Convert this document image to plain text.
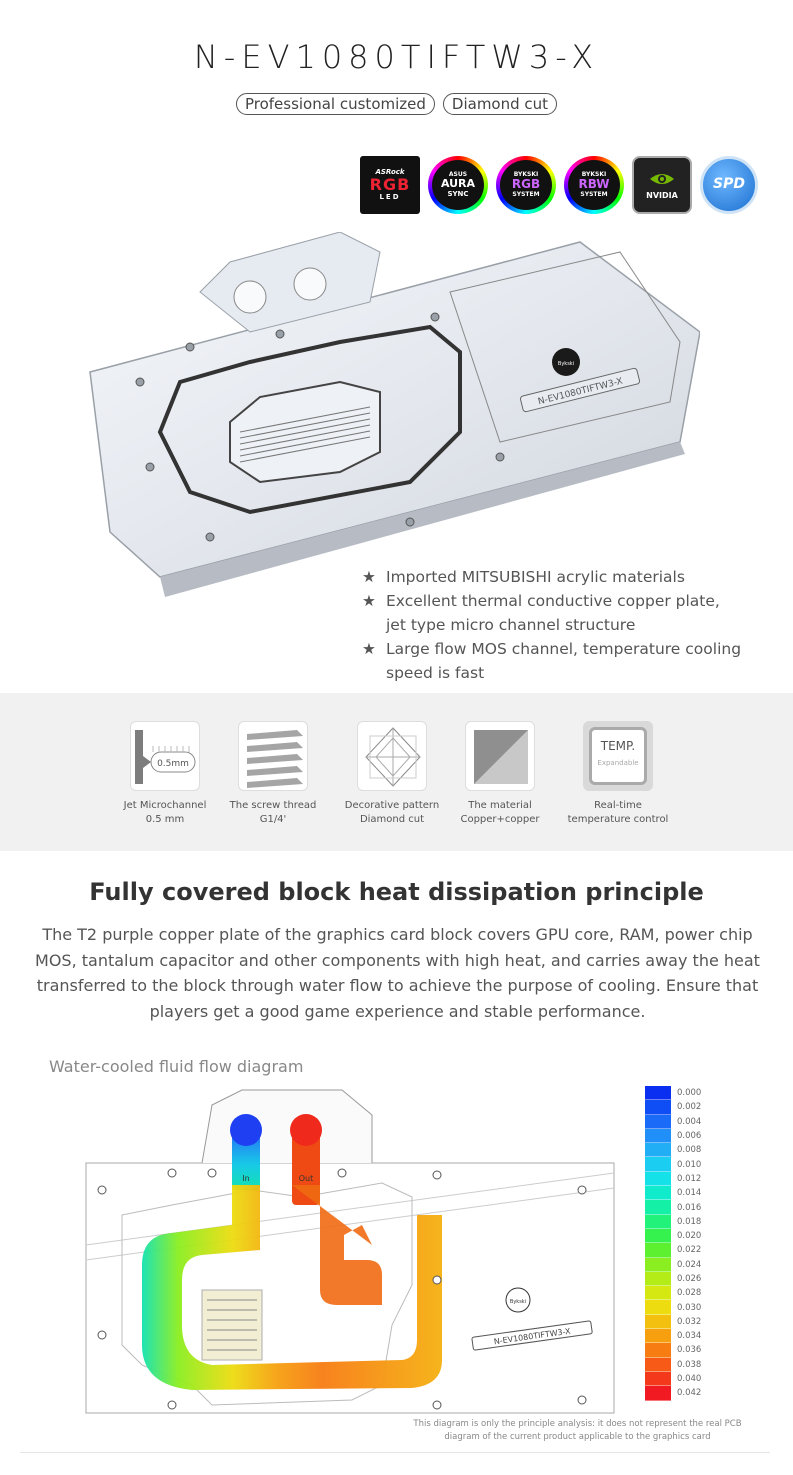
N-EV1080TIFTW3-X
Professional customized	Diamond cut
ASRock
RGB
LED
ASUS
AURA
SYNC
BYKSKI
RGB
SYSTEM
BYKSKI
RBW
SYSTEM	NVIDIA
SPD
N-EV1080TIFTW3-X
Bykski
★ Imported MITSUBISHI acrylic materials
★ Excellent thermal conductive copper plate, jet type micro channel structure
★ Large flow MOS channel, temperature cooling speed is fast
0.5mm
Jet Microchannel
0.5 mm
The screw thread
G1/4'
Decorative pattern
Diamond cut
The material
Copper+copper
TEMP.
Expandable
Real-time
temperature control
Fully covered block heat dissipation principle
The T2 purple copper plate of the graphics card block covers GPU core, RAM, power chip MOS, tantalum capacitor and other components with high heat, and carries away the heat transferred to the block through water flow to achieve the purpose of cooling. Ensure that players get a good game experience and stable performance.
Water-cooled fluid flow diagram
In	Out
Bykski
N-EV1080TIFTW3-X
0.000
0.002
0.004
0.006
0.008
0.010
0.012
0.014
0.016
0.018
0.020
0.022
0.024
0.026
0.028
0.030
0.032
0.034
0.036
0.038
0.040
0.042
This diagram is only the principle analysis: it does not represent the real PCB diagram of the current product applicable to the graphics card
